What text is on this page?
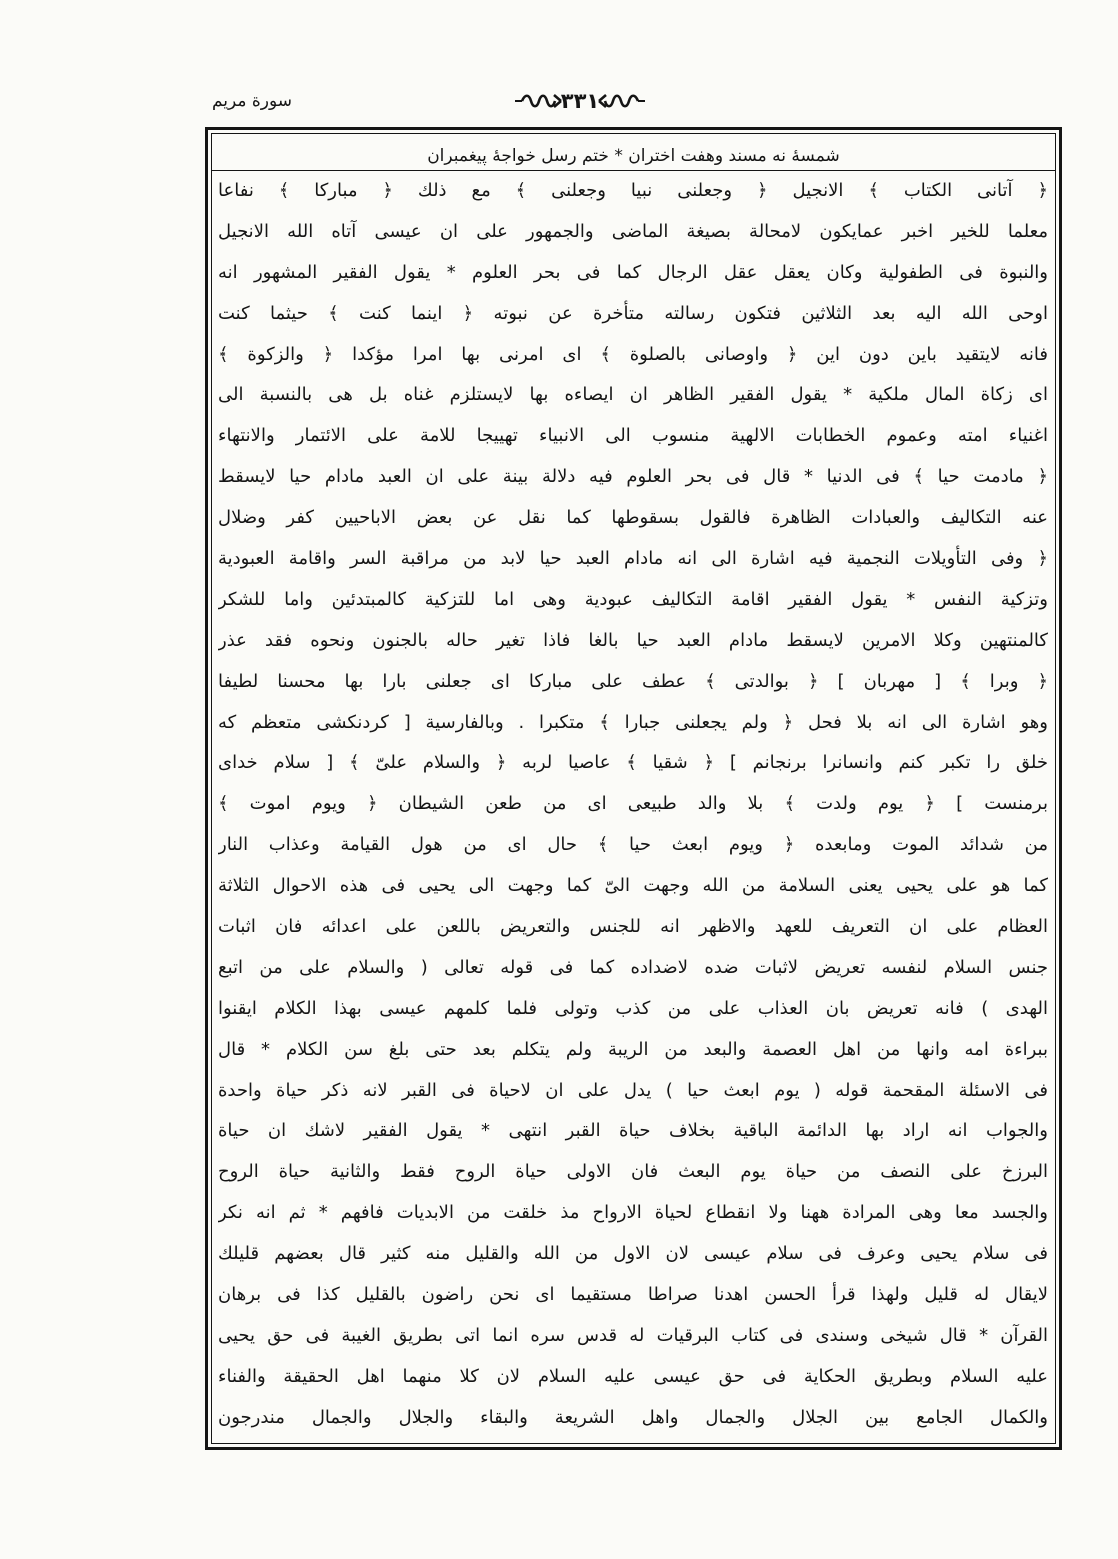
سورة مريم	٣٣١
شمسهٔ نه مسند وهفت اختران * ختم رسل خواجهٔ پيغمبران
﴿ آتانى الكتاب ﴾ الانجيل ﴿ وجعلنى نبيا وجعلنى ﴾ مع ذلك ﴿ مباركا ﴾ نفاعا
معلما للخير اخبر عمايكون لامحالة بصيغة الماضى والجمهور على ان عيسى آتاه الله الانجيل
والنبوة فى الطفولية وكان يعقل عقل الرجال كما فى بحر العلوم * يقول الفقير المشهور انه
اوحى الله اليه بعد الثلاثين فتكون رسالته متأخرة عن نبوته ﴿ اينما كنت ﴾ حيثما كنت
فانه لايتقيد باين دون اين ﴿ واوصانى بالصلوة ﴾ اى امرنى بها امرا مؤكدا ﴿ والزكوة ﴾
اى زكاة المال ملكية * يقول الفقير الظاهر ان ايصاءه بها لايستلزم غناه بل هى بالنسبة الى
اغنياء امته وعموم الخطابات الالهية منسوب الى الانبياء تهييجا للامة على الائتمار والانتهاء
﴿ مادمت حيا ﴾ فى الدنيا * قال فى بحر العلوم فيه دلالة بينة على ان العبد مادام حيا لايسقط
عنه التكاليف والعبادات الظاهرة فالقول بسقوطها كما نقل عن بعض الاباحيين كفر وضلال
﴿ وفى التأويلات النجمية فيه اشارة الى انه مادام العبد حيا لابد من مراقبة السر واقامة العبودية
وتزكية النفس * يقول الفقير اقامة التكاليف عبودية وهى اما للتزكية كالمبتدئين واما للشكر
كالمنتهين وكلا الامرين لايسقط مادام العبد حيا بالغا فاذا تغير حاله بالجنون ونحوه فقد عذر
﴿ وبرا ﴾ [ مهربان ] ﴿ بوالدتى ﴾ عطف على مباركا اى جعلنى بارا بها محسنا لطيفا
وهو اشارة الى انه بلا فحل ﴿ ولم يجعلنى جبارا ﴾ متكبرا . وبالفارسية [ كردنكشى متعظم كه
خلق را تكبر كنم وانسانرا برنجانم ] ﴿ شقيا ﴾ عاصيا لربه ﴿ والسلام علىّ ﴾ [ سلام خداى
برمنست ] ﴿ يوم ولدت ﴾ بلا والد طبيعى اى من طعن الشيطان ﴿ ويوم اموت ﴾
من شدائد الموت ومابعده ﴿ ويوم ابعث حيا ﴾ حال اى من هول القيامة وعذاب النار
كما هو على يحيى يعنى السلامة من الله وجهت الىّ كما وجهت الى يحيى فى هذه الاحوال الثلاثة
العظام على ان التعريف للعهد والاظهر انه للجنس والتعريض باللعن على اعدائه فان اثبات
جنس السلام لنفسه تعريض لاثبات ضده لاضداده كما فى قوله تعالى ( والسلام على من اتبع
الهدى ) فانه تعريض بان العذاب على من كذب وتولى فلما كلمهم عيسى بهذا الكلام ايقنوا
ببراءة امه وانها من اهل العصمة والبعد من الريبة ولم يتكلم بعد حتى بلغ سن الكلام * قال
فى الاسئلة المقحمة قوله ( يوم ابعث حيا ) يدل على ان لاحياة فى القبر لانه ذكر حياة واحدة
والجواب انه اراد بها الدائمة الباقية بخلاف حياة القبر انتهى * يقول الفقير لاشك ان حياة
البرزخ على النصف من حياة يوم البعث فان الاولى حياة الروح فقط والثانية حياة الروح
والجسد معا وهى المرادة ههنا ولا انقطاع لحياة الارواح مذ خلقت من الابديات فافهم * ثم انه نكر
فى سلام يحيى وعرف فى سلام عيسى لان الاول من الله والقليل منه كثير قال بعضهم قليلك
لايقال له قليل ولهذا قرأ الحسن اهدنا صراطا مستقيما اى نحن راضون بالقليل كذا فى برهان
القرآن * قال شيخى وسندى فى كتاب البرقيات له قدس سره انما اتى بطريق الغيبة فى حق يحيى
عليه السلام وبطريق الحكاية فى حق عيسى عليه السلام لان كلا منهما اهل الحقيقة والفناء
والكمال الجامع بين الجلال والجمال واهل الشريعة والبقاء والجلال والجمال مندرجون
